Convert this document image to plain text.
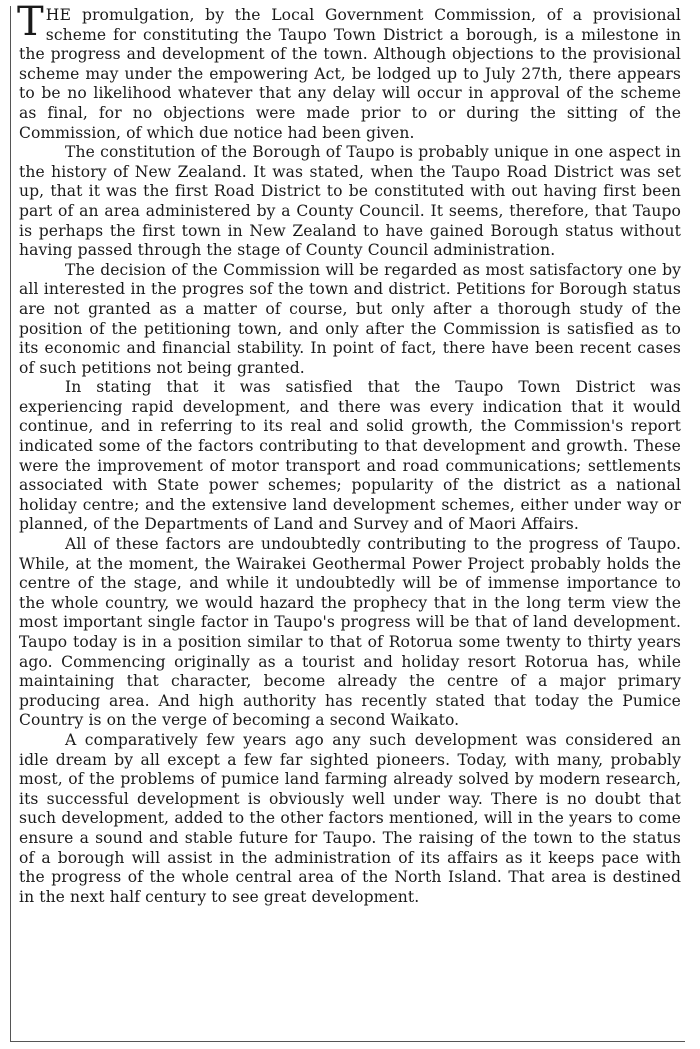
THE promulgation, by the Local Government Commission, of a provisional scheme for constituting the Taupo Town District a borough, is a milestone in the progress and development of the town. Although objections to the provisional scheme may under the empowering Act, be lodged up to July 27th, there appears to be no likelihood whatever that any delay will occur in approval of the scheme as final, for no objections were made prior to or during the sitting of the Commission, of which due notice had been given.

The constitution of the Borough of Taupo is probably unique in one aspect in the history of New Zealand. It was stated, when the Taupo Road District was set up, that it was the first Road District to be constituted with out having first been part of an area administered by a County Council. It seems, therefore, that Taupo is perhaps the first town in New Zealand to have gained Borough status without having passed through the stage of County Council administration.

The decision of the Commission will be regarded as most satisfactory one by all interested in the progres sof the town and district. Petitions for Borough status are not granted as a matter of course, but only after a thorough study of the position of the petitioning town, and only after the Commission is satisfied as to its economic and financial stability. In point of fact, there have been recent cases of such petitions not being granted.

In stating that it was satisfied that the Taupo Town District was experiencing rapid development, and there was every indication that it would continue, and in referring to its real and solid growth, the Commission's report indicated some of the factors contributing to that development and growth. These were the improvement of motor transport and road communications; settlements associated with State power schemes; popularity of the district as a national holiday centre; and the extensive land development schemes, either under way or planned, of the Departments of Land and Survey and of Maori Affairs.

All of these factors are undoubtedly contributing to the progress of Taupo. While, at the moment, the Wairakei Geothermal Power Project probably holds the centre of the stage, and while it undoubtedly will be of immense importance to the whole country, we would hazard the prophecy that in the long term view the most important single factor in Taupo's progress will be that of land development. Taupo today is in a position similar to that of Rotorua some twenty to thirty years ago. Commencing originally as a tourist and holiday resort Rotorua has, while maintaining that character, become already the centre of a major primary producing area. And high authority has recently stated that today the Pumice Country is on the verge of becoming a second Waikato.

A comparatively few years ago any such development was considered an idle dream by all except a few far sighted pioneers. Today, with many, probably most, of the problems of pumice land farming already solved by modern research, its successful development is obviously well under way. There is no doubt that such development, added to the other factors mentioned, will in the years to come ensure a sound and stable future for Taupo. The raising of the town to the status of a borough will assist in the administration of its affairs as it keeps pace with the progress of the whole central area of the North Island. That area is destined in the next half century to see great development.
